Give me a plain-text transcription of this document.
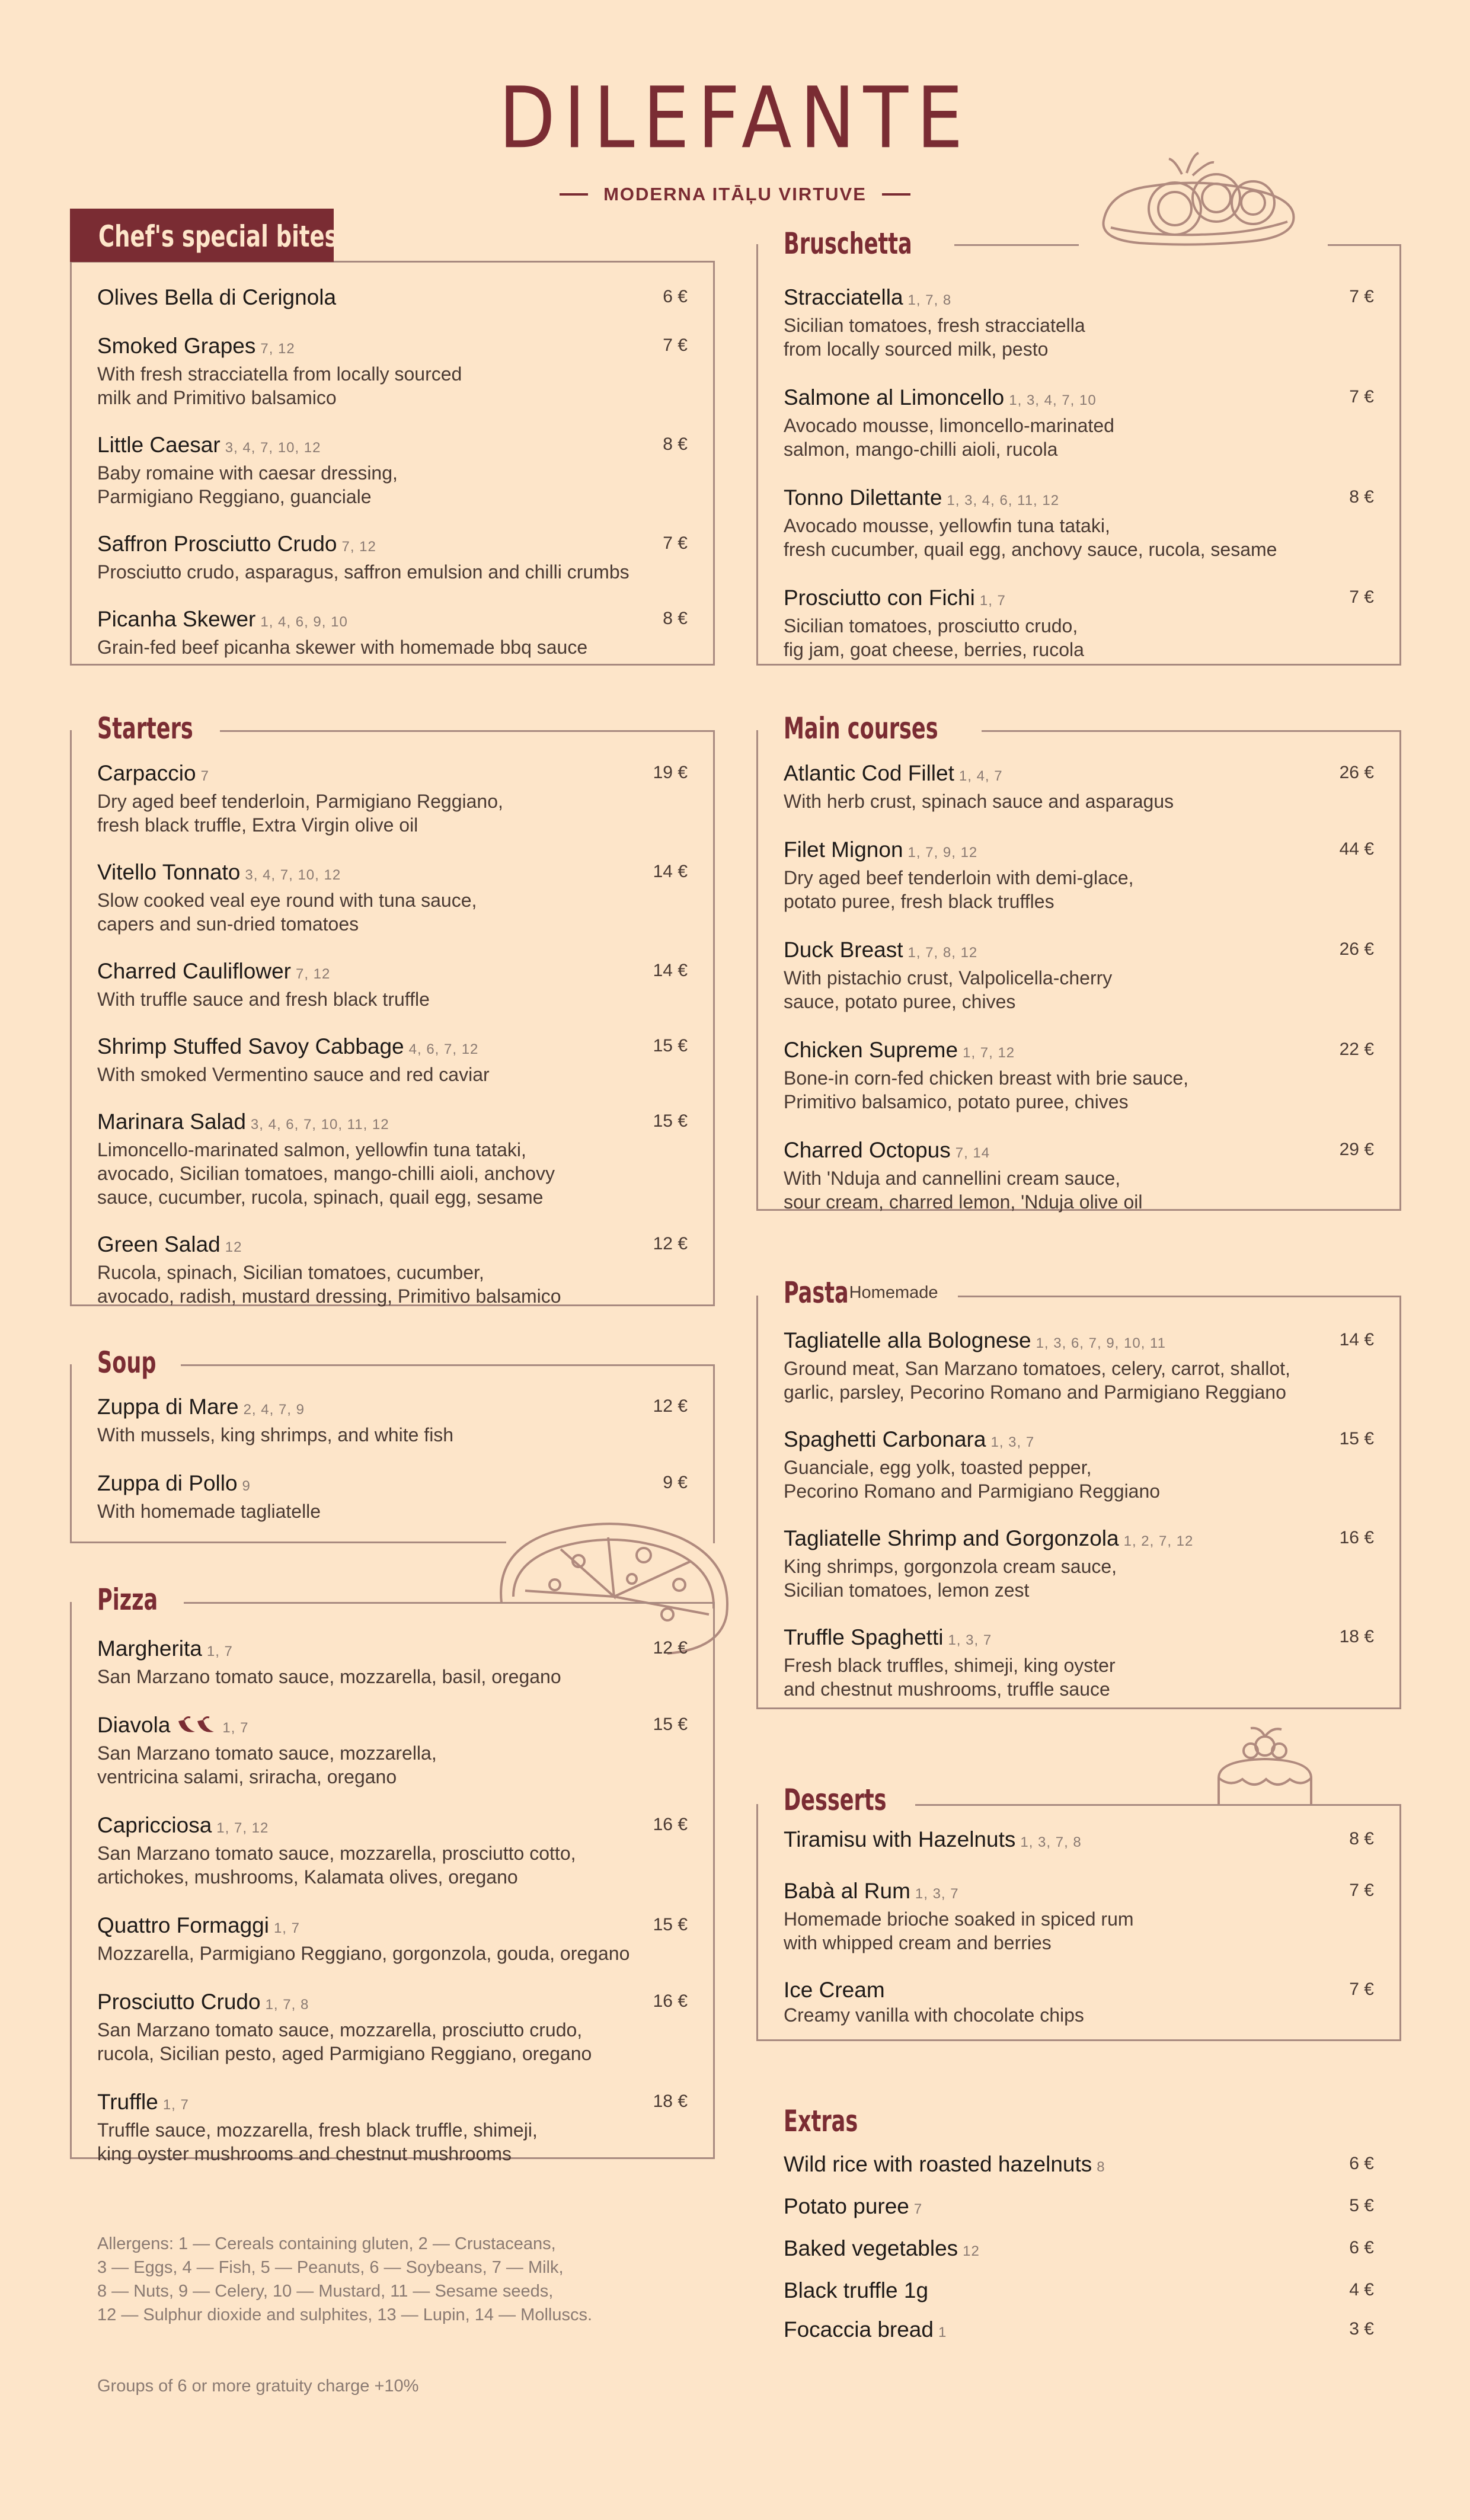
DILEFANTE
MODERNA ITĀĻU VIRTUVE
Chef's special bites
Olives Bella di Cerignola	6 €
Smoked Grapes 7, 12	7 €
With fresh stracciatella from locally sourced
milk and Primitivo balsamico
Little Caesar 3, 4, 7, 10, 12	8 €
Baby romaine with caesar dressing,
Parmigiano Reggiano, guanciale
Saffron Prosciutto Crudo 7, 12	7 €
Prosciutto crudo, asparagus, saffron emulsion and chilli crumbs
Picanha Skewer 1, 4, 6, 9, 10	8 €
Grain-fed beef picanha skewer with homemade bbq sauce
Bruschetta
Stracciatella 1, 7, 8	7 €
Sicilian tomatoes, fresh stracciatella
from locally sourced milk, pesto
Salmone al Limoncello 1, 3, 4, 7, 10	7 €
Avocado mousse, limoncello-marinated
salmon, mango-chilli aioli, rucola
Tonno Dilettante 1, 3, 4, 6, 11, 12	8 €
Avocado mousse, yellowfin tuna tataki,
fresh cucumber, quail egg, anchovy sauce, rucola, sesame
Prosciutto con Fichi 1, 7	7 €
Sicilian tomatoes, prosciutto crudo,
fig jam, goat cheese, berries, rucola
Starters
Carpaccio 7	19 €
Dry aged beef tenderloin, Parmigiano Reggiano,
fresh black truffle, Extra Virgin olive oil
Vitello Tonnato 3, 4, 7, 10, 12	14 €
Slow cooked veal eye round with tuna sauce,
capers and sun-dried tomatoes
Charred Cauliflower 7, 12	14 €
With truffle sauce and fresh black truffle
Shrimp Stuffed Savoy Cabbage 4, 6, 7, 12	15 €
With smoked Vermentino sauce and red caviar
Marinara Salad 3, 4, 6, 7, 10, 11, 12	15 €
Limoncello-marinated salmon, yellowfin tuna tataki,
avocado, Sicilian tomatoes, mango-chilli aioli, anchovy
sauce, cucumber, rucola, spinach, quail egg, sesame
Green Salad 12	12 €
Rucola, spinach, Sicilian tomatoes, cucumber,
avocado, radish, mustard dressing, Primitivo balsamico
Main courses
Atlantic Cod Fillet 1, 4, 7	26 €
With herb crust, spinach sauce and asparagus
Filet Mignon 1, 7, 9, 12	44 €
Dry aged beef tenderloin with demi-glace,
potato puree, fresh black truffles
Duck Breast 1, 7, 8, 12	26 €
With pistachio crust, Valpolicella-cherry
sauce, potato puree, chives
Chicken Supreme 1, 7, 12	22 €
Bone-in corn-fed chicken breast with brie sauce,
Primitivo balsamico, potato puree, chives
Charred Octopus 7, 14	29 €
With 'Nduja and cannellini cream sauce,
sour cream, charred lemon, 'Nduja olive oil
Soup
Zuppa di Mare 2, 4, 7, 9	12 €
With mussels, king shrimps, and white fish
Zuppa di Pollo 9	9 €
With homemade tagliatelle
Pizza
Margherita 1, 7	12 €
San Marzano tomato sauce, mozzarella, basil, oregano
Diavola	1, 7	15 €
San Marzano tomato sauce, mozzarella,
ventricina salami, sriracha, oregano
Capricciosa 1, 7, 12	16 €
San Marzano tomato sauce, mozzarella, prosciutto cotto,
artichokes, mushrooms, Kalamata olives, oregano
Quattro Formaggi 1, 7	15 €
Mozzarella, Parmigiano Reggiano, gorgonzola, gouda, oregano
Prosciutto Crudo 1, 7, 8	16 €
San Marzano tomato sauce, mozzarella, prosciutto crudo,
rucola, Sicilian pesto, aged Parmigiano Reggiano, oregano
Truffle 1, 7	18 €
Truffle sauce, mozzarella, fresh black truffle, shimeji,
king oyster mushrooms and chestnut mushrooms
Pasta Homemade
Tagliatelle alla Bolognese 1, 3, 6, 7, 9, 10, 11	14 €
Ground meat, San Marzano tomatoes, celery, carrot, shallot,
garlic, parsley, Pecorino Romano and Parmigiano Reggiano
Spaghetti Carbonara 1, 3, 7	15 €
Guanciale, egg yolk, toasted pepper,
Pecorino Romano and Parmigiano Reggiano
Tagliatelle Shrimp and Gorgonzola 1, 2, 7, 12	16 €
King shrimps, gorgonzola cream sauce,
Sicilian tomatoes, lemon zest
Truffle Spaghetti 1, 3, 7	18 €
Fresh black truffles, shimeji, king oyster
and chestnut mushrooms, truffle sauce
Desserts
Tiramisu with Hazelnuts 1, 3, 7, 8	8 €
Babà al Rum 1, 3, 7	7 €
Homemade brioche soaked in spiced rum
with whipped cream and berries
Ice Cream	7 €
Creamy vanilla with chocolate chips
Extras
Wild rice with roasted hazelnuts 8	6 €
Potato puree 7	5 €
Baked vegetables 12	6 €
Black truffle 1g	4 €
Focaccia bread 1	3 €
Allergens: 1 — Cereals containing gluten, 2 — Crustaceans,
3 — Eggs, 4 — Fish, 5 — Peanuts, 6 — Soybeans, 7 — Milk,
8 — Nuts, 9 — Celery, 10 — Mustard, 11 — Sesame seeds,
12 — Sulphur dioxide and sulphites, 13 — Lupin, 14 — Molluscs.
Groups of 6 or more gratuity charge +10%
